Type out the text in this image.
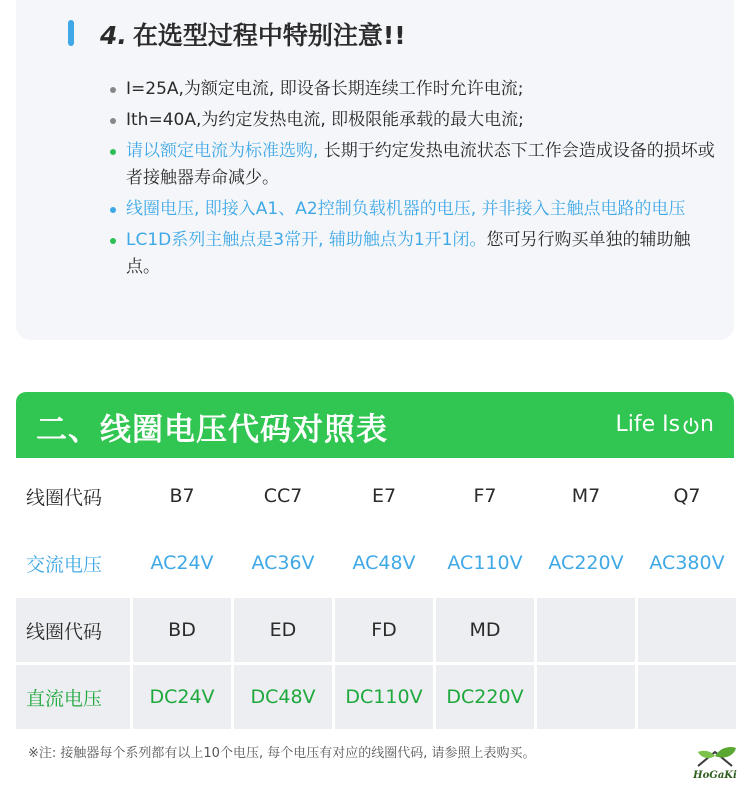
4. 在选型过程中特别注意!!
I=25A,为额定电流, 即设备长期连续工作时允许电流;
Ith=40A,为约定发热电流, 即极限能承载的最大电流;
请以额定电流为标准选购, 长期于约定发热电流状态下工作会造成设备的损坏或者接触器寿命减少。
线圈电压, 即接入A1、A2控制负载机器的电压, 并非接入主触点电路的电压
LC1D系列主触点是3常开, 辅助触点为1开1闭。您可另行购买单独的辅助触点。
二、线圈电压代码对照表	Life Is n
线圈代码	B7	CC7	E7	F7	M7	Q7
交流电压	AC24V	AC36V	AC48V	AC110V	AC220V	AC380V
线圈代码	BD	ED	FD	MD
直流电压	DC24V	DC48V	DC110V	DC220V
※注: 接触器每个系列都有以上10个电压, 每个电压有对应的线圈代码, 请参照上表购买。
HoGaKi
